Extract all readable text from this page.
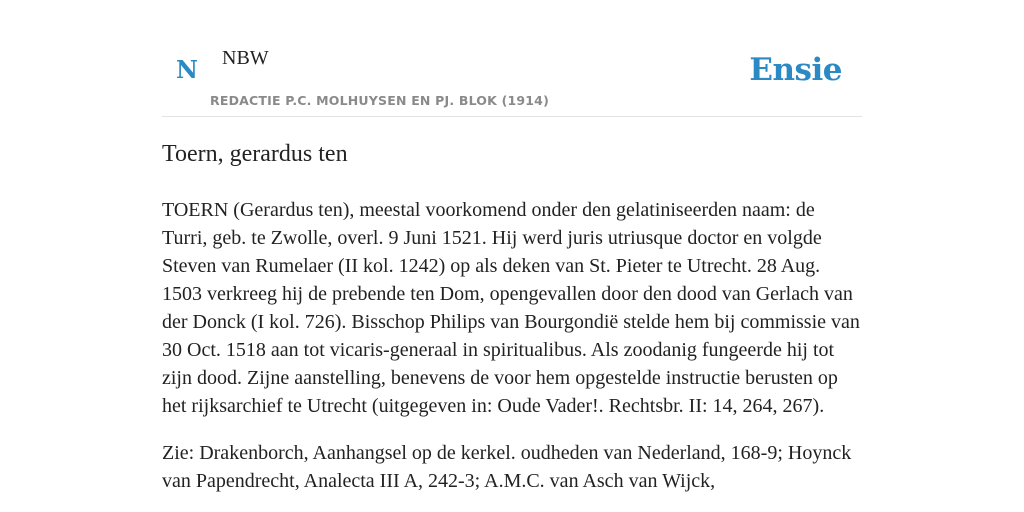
N NBW
REDACTIE P.C. MOLHUYSEN EN PJ. BLOK (1914)
Ensie
Toern, gerardus ten

TOERN (Gerardus ten), meestal voorkomend onder den gelatiniseerden naam: de Turri, geb. te Zwolle, overl. 9 Juni 1521. Hij werd juris utriusque doctor en volgde Steven van Rumelaer (II kol. 1242) op als deken van St. Pieter te Utrecht. 28 Aug. 1503 verkreeg hij de prebende ten Dom, opengevallen door den dood van Gerlach van der Donck (I kol. 726). Bisschop Philips van Bourgondië stelde hem bij commissie van 30 Oct. 1518 aan tot vicaris-generaal in spiritualibus. Als zoodanig fungeerde hij tot zijn dood. Zijne aanstelling, benevens de voor hem opgestelde instructie berusten op het rijksarchief te Utrecht (uitgegeven in: Oude Vader!. Rechtsbr. II: 14, 264, 267).

Zie: Drakenborch, Aanhangsel op de kerkel. oudheden van Nederland, 168-9; Hoynck van Papendrecht, Analecta III A, 242-3; A.M.C. van Asch van Wijck,
